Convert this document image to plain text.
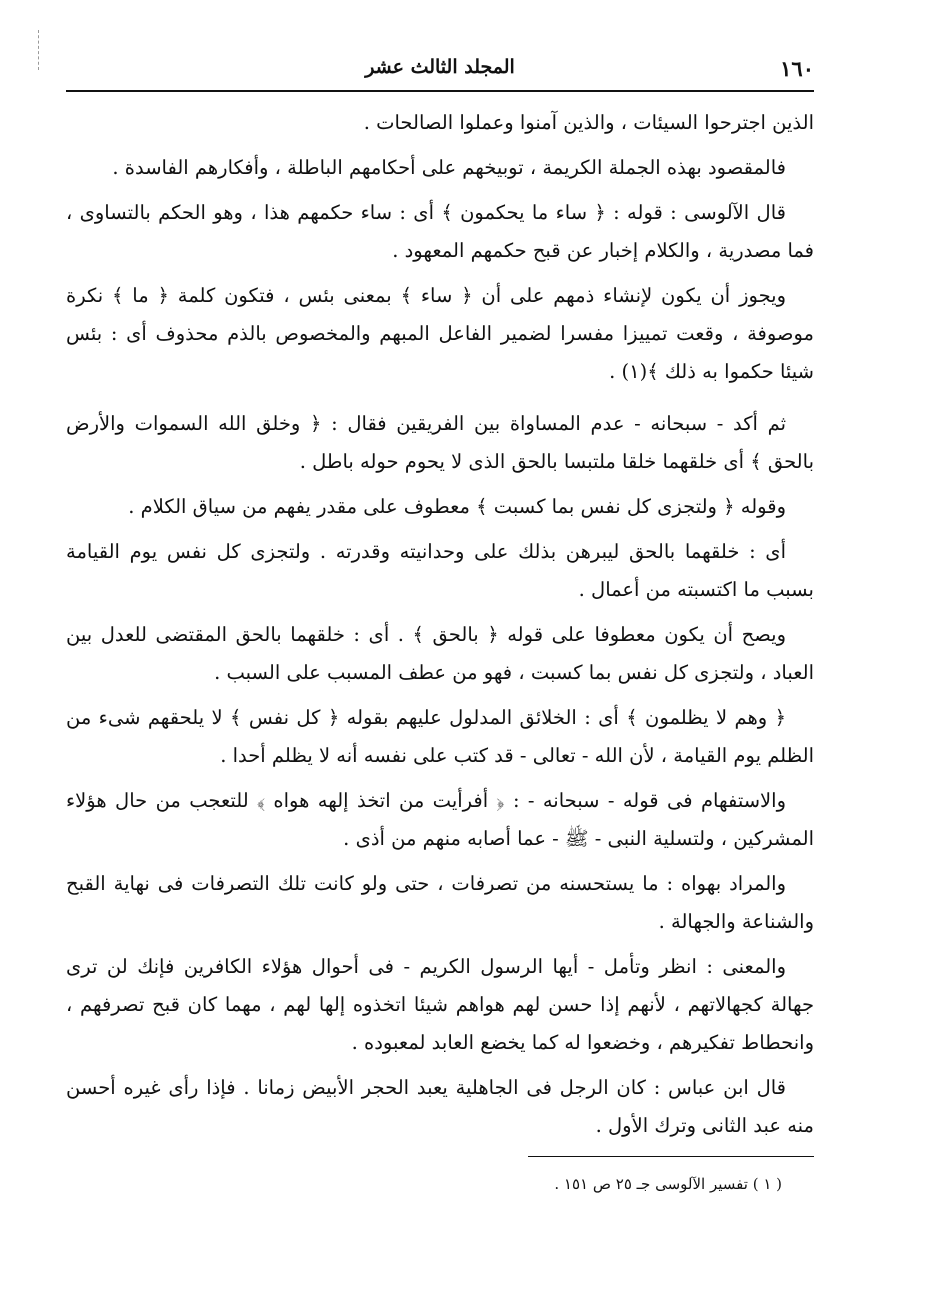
١٦٠
المجلد الثالث عشر

الذين اجترحوا السيئات ، والذين آمنوا وعملوا الصالحات .

فالمقصود بهذه الجملة الكريمة ، توبيخهم على أحكامهم الباطلة ، وأفكارهم الفاسدة .

قال الآلوسى : قوله : ﴿ ساء ما يحكمون ﴾ أى : ساء حكمهم هذا ، وهو الحكم بالتساوى ، فما مصدرية ، والكلام إخبار عن قبح حكمهم المعهود .

ويجوز أن يكون لإنشاء ذمهم على أن ﴿ ساء ﴾ بمعنى بئس ، فتكون كلمة ﴿ ما ﴾ نكرة موصوفة ، وقعت تمييزا مفسرا لضمير الفاعل المبهم والمخصوص بالذم محذوف أى : بئس شيئا حكموا به ذلك ﴾(١) .

ثم أكد - سبحانه - عدم المساواة بين الفريقين فقال : ﴿ وخلق الله السموات والأرض بالحق ﴾ أى خلقهما خلقا ملتبسا بالحق الذى لا يحوم حوله باطل .

وقوله ﴿ ولتجزى كل نفس بما كسبت ﴾ معطوف على مقدر يفهم من سياق الكلام .

أى : خلقهما بالحق ليبرهن بذلك على وحدانيته وقدرته . ولتجزى كل نفس يوم القيامة بسبب ما اكتسبته من أعمال .

ويصح أن يكون معطوفا على قوله ﴿ بالحق ﴾ . أى : خلقهما بالحق المقتضى للعدل بين العباد ، ولتجزى كل نفس بما كسبت ، فهو من عطف المسبب على السبب .

﴿ وهم لا يظلمون ﴾ أى : الخلائق المدلول عليهم بقوله ﴿ كل نفس ﴾ لا يلحقهم شىء من الظلم يوم القيامة ، لأن الله - تعالى - قد كتب على نفسه أنه لا يظلم أحدا .

والاستفهام فى قوله - سبحانه - : ﴿ أفرأيت من اتخذ إلهه هواه ﴾ للتعجب من حال هؤلاء المشركين ، ولتسلية النبى - ﷺ - عما أصابه منهم من أذى .

والمراد بهواه : ما يستحسنه من تصرفات ، حتى ولو كانت تلك التصرفات فى نهاية القبح والشناعة والجهالة .

والمعنى : انظر وتأمل - أيها الرسول الكريم - فى أحوال هؤلاء الكافرين فإنك لن ترى جهالة كجهالاتهم ، لأنهم إذا حسن لهم هواهم شيئا اتخذوه إلها لهم ، مهما كان قبح تصرفهم ، وانحطاط تفكيرهم ، وخضعوا له كما يخضع العابد لمعبوده .

قال ابن عباس : كان الرجل فى الجاهلية يعبد الحجر الأبيض زمانا . فإذا رأى غيره أحسن منه عبد الثانى وترك الأول .

( ١ ) تفسير الآلوسى جـ ٢٥ ص ١٥١ .
